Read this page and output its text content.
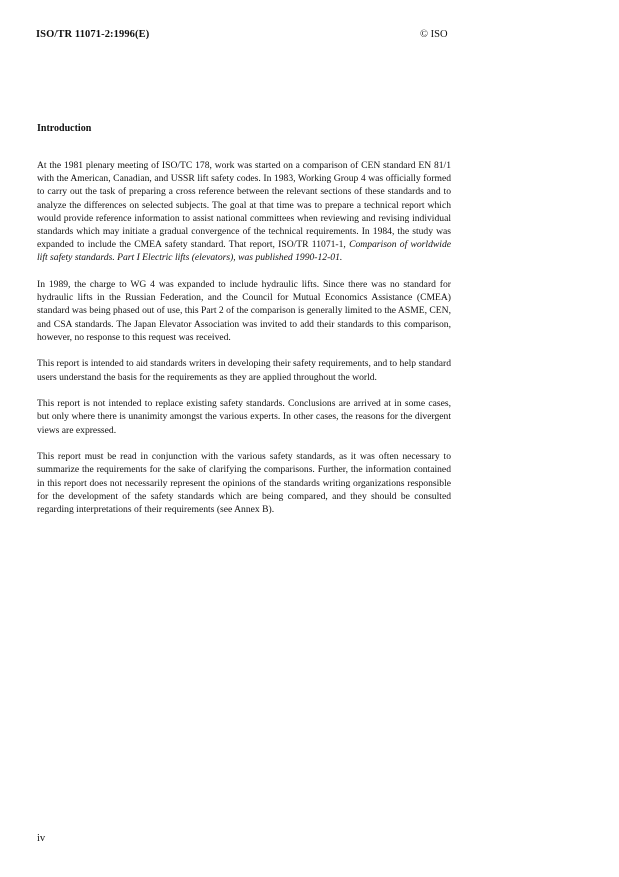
ISO/TR 11071-2:1996(E)	© ISO
Introduction

At the 1981 plenary meeting of ISO/TC 178, work was started on a comparison of CEN standard EN 81/1 with the American, Canadian, and USSR lift safety codes. In 1983, Working Group 4 was officially formed to carry out the task of preparing a cross reference between the relevant sections of these standards and to analyze the differences on selected subjects. The goal at that time was to prepare a technical report which would provide reference information to assist national committees when reviewing and revising individual standards which may initiate a gradual convergence of the technical requirements. In 1984, the study was expanded to include the CMEA safety standard. That report, ISO/TR 11071-1, Comparison of worldwide lift safety standards. Part I Electric lifts (elevators), was published 1990-12-01.

In 1989, the charge to WG 4 was expanded to include hydraulic lifts. Since there was no standard for hydraulic lifts in the Russian Federation, and the Council for Mutual Economics Assistance (CMEA) standard was being phased out of use, this Part 2 of the comparison is generally limited to the ASME, CEN, and CSA standards. The Japan Elevator Association was invited to add their standards to this comparison, however, no response to this request was received.

This report is intended to aid standards writers in developing their safety requirements, and to help standard users understand the basis for the requirements as they are applied throughout the world.

This report is not intended to replace existing safety standards. Conclusions are arrived at in some cases, but only where there is unanimity amongst the various experts. In other cases, the reasons for the divergent views are expressed.

This report must be read in conjunction with the various safety standards, as it was often necessary to summarize the requirements for the sake of clarifying the comparisons. Further, the information contained in this report does not necessarily represent the opinions of the standards writing organizations responsible for the development of the safety standards which are being compared, and they should be consulted regarding interpretations of their requirements (see Annex B).

iv
